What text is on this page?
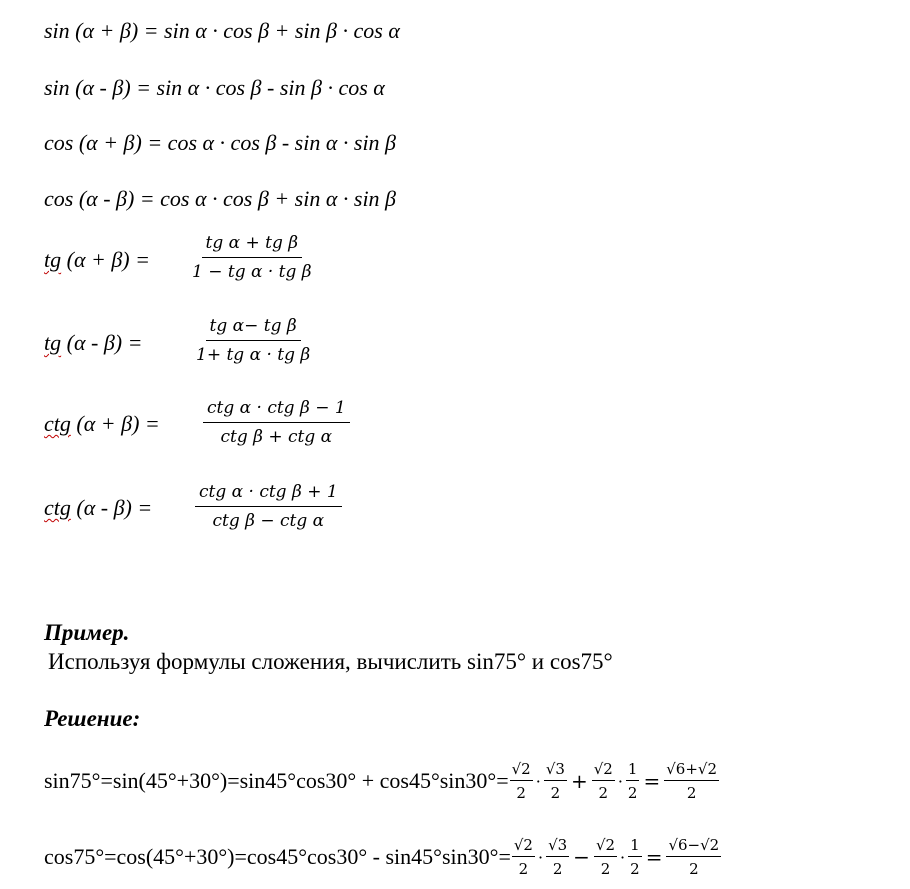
sin (α + β) = sin α · cos β + sin β · cos α
sin (α - β) = sin α · cos β - sin β · cos α
cos (α + β) = cos α · cos β - sin α · sin β
cos (α - β) = cos α · cos β + sin α · sin β
tg $(\alpha + \beta) = \frac{\text{tg α + tg β}}{\text{1 − tg α · tg β}}$
tg (α - β) =	$\frac{\text{tg α− tg β}}{\text{1+ tg α · tg β}}$
ctg (α + β) =
ctg α · ctg β − 1
ctg β + ctg α
ctg (α - β) =
ctg α · ctg β + 1
ctg β − ctg α
Пример.
Используя формулы сложения, вычислить sin75° и cos75°
Решение:
$\sin 75^\circ=\sin(45^\circ+30^\circ)=\sin 45^\circ\cos 30^\circ + \cos 45^\circ\sin 30^\circ= \frac{√2}{2} \cdot \frac{√3}{2} + \frac{√2}{2} \cdot \frac{1}{2} = \frac{√6+√2}{2}$
$\cos 75^\circ=\cos(45^\circ+30^\circ)=\cos 45^\circ\cos 30^\circ - \sin 45^\circ\sin 30^\circ= \frac{√2}{2} \cdot \frac{√3}{2} - \frac{√2}{2} \cdot \frac{1}{2} = \frac{√6-√2}{2}$
